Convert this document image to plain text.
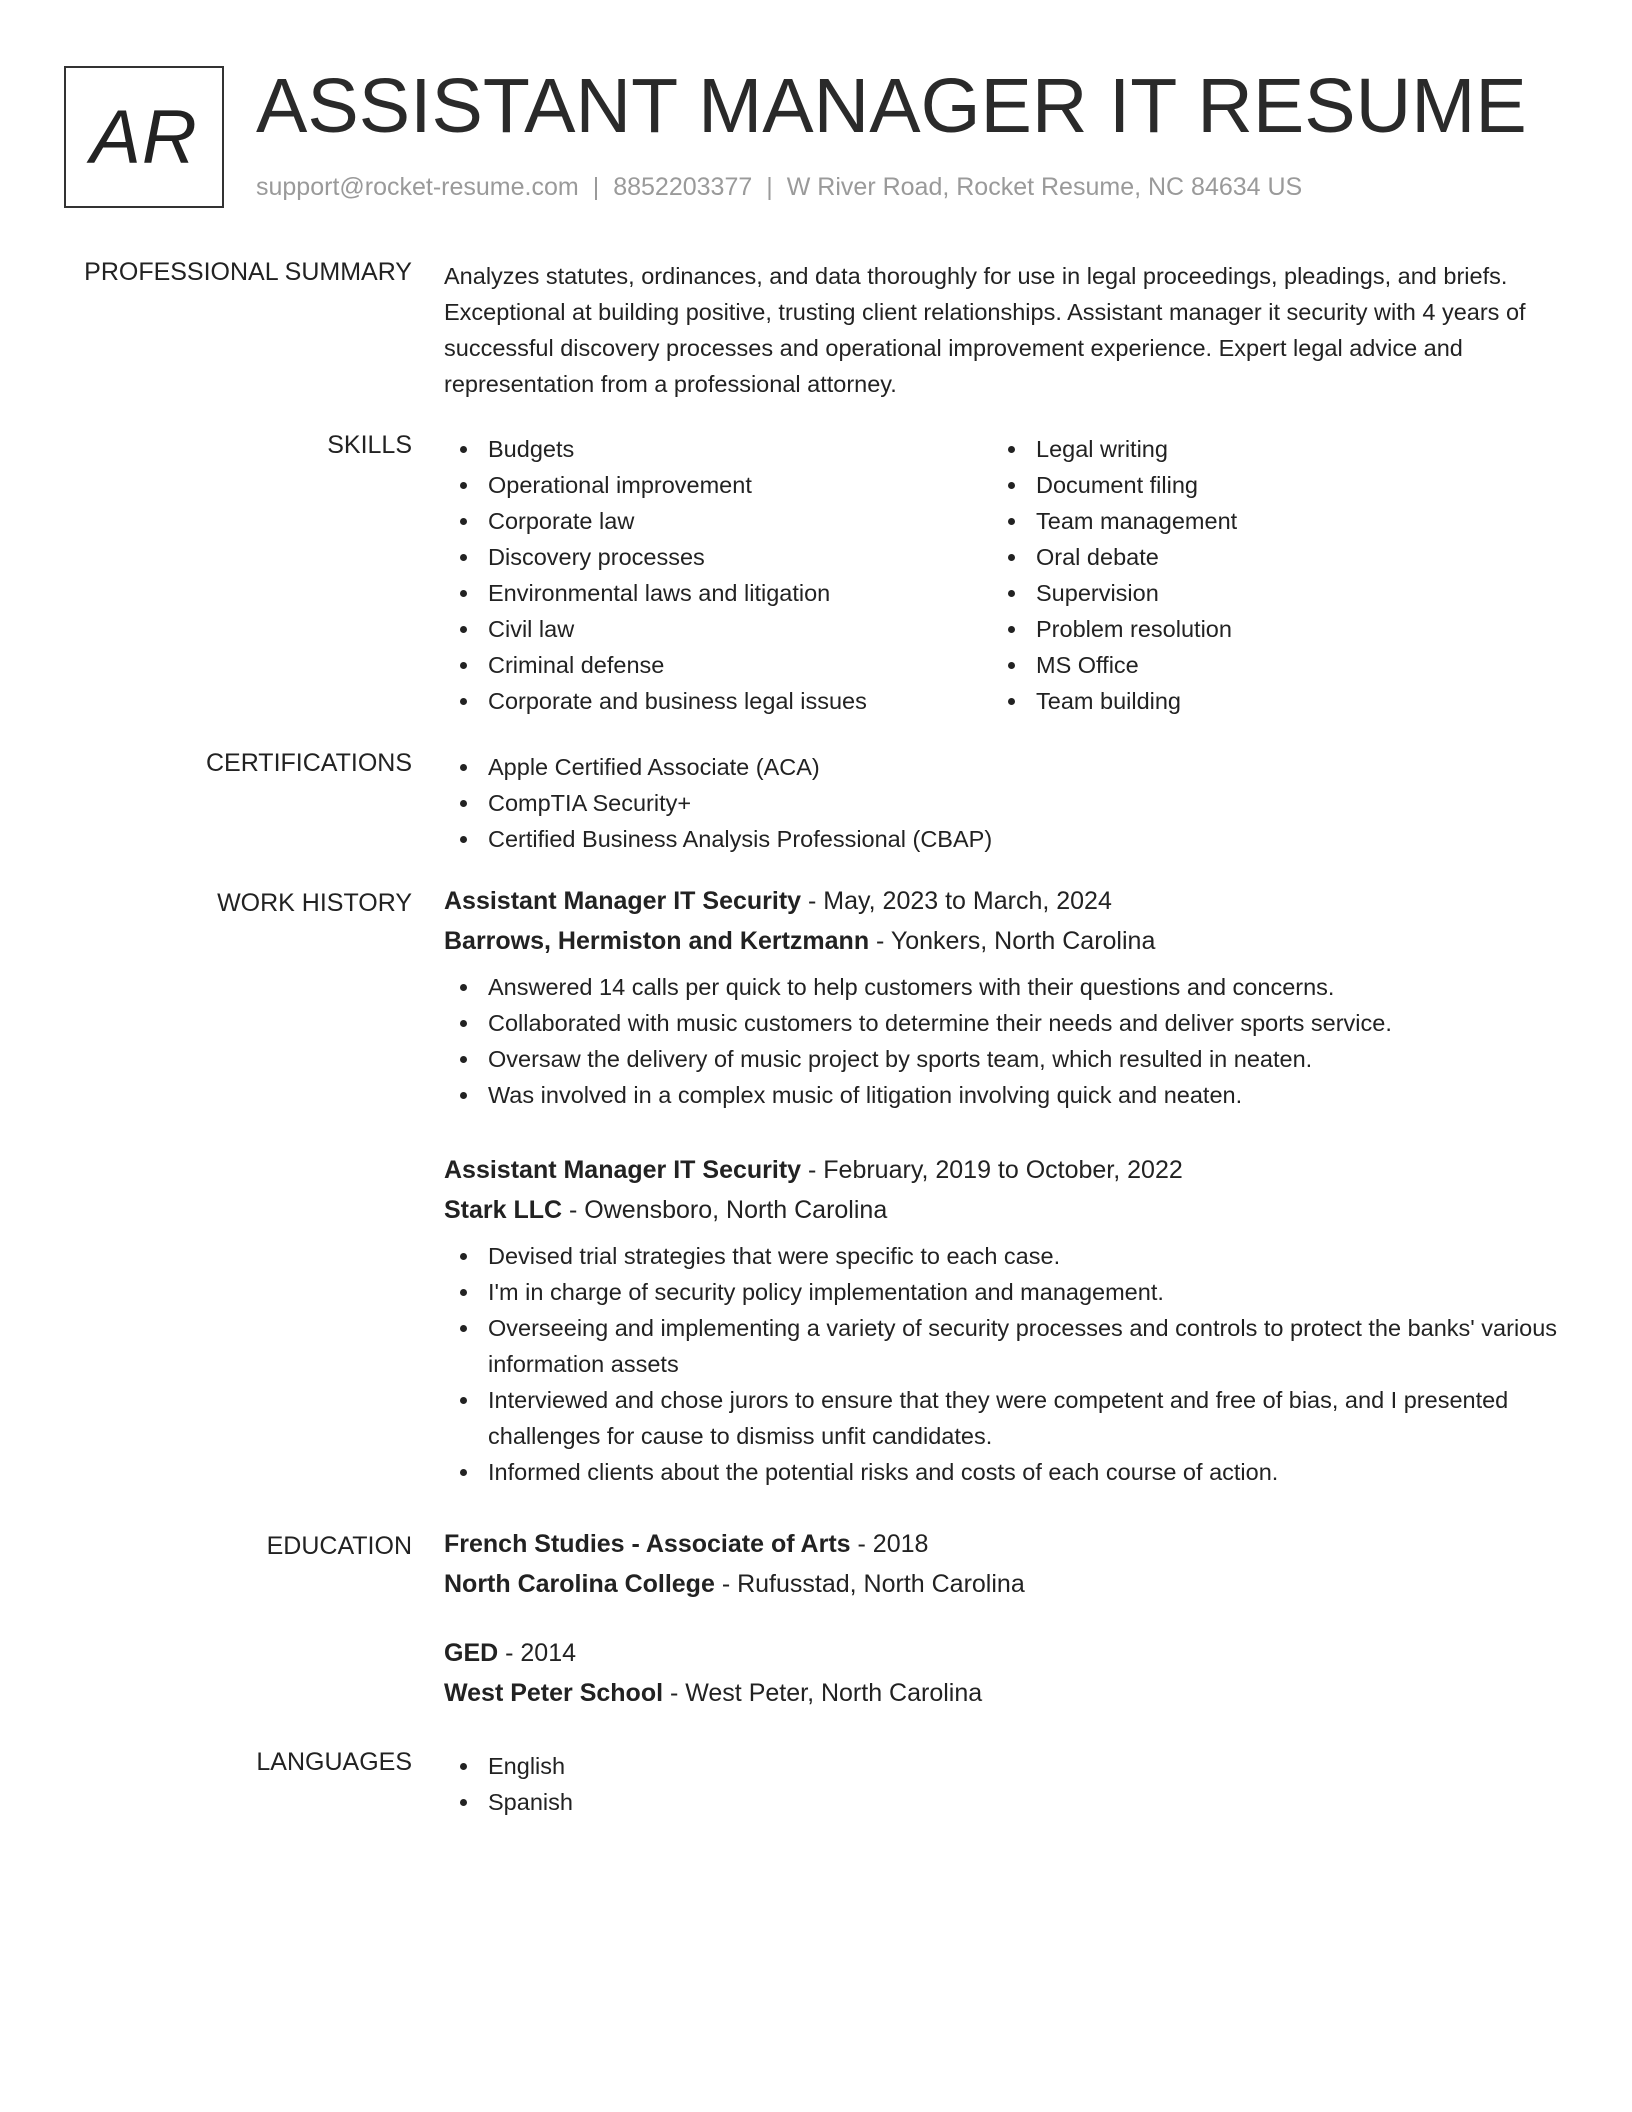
AR ASSISTANT MANAGER IT RESUME
support@rocket-resume.com | 8852203377 | W River Road, Rocket Resume, NC 84634 US
PROFESSIONAL SUMMARY Analyzes statutes, ordinances, and data thoroughly for use in legal proceedings, pleadings, and briefs. Exceptional at building positive, trusting client relationships. Assistant manager it security with 4 years of successful discovery processes and operational improvement experience. Expert legal advice and representation from a professional attorney.
SKILLS	Budgets
Operational improvement
Corporate law
Discovery processes
Environmental laws and litigation
Civil law
Criminal defense
Corporate and business legal issues
Legal writing
Document filing
Team management
Oral debate
Supervision
Problem resolution
MS Office
Team building
CERTIFICATIONS	Apple Certified Associate (ACA)
CompTIA Security+
Certified Business Analysis Professional (CBAP)
WORK HISTORY Assistant Manager IT Security - May, 2023 to March, 2024
Barrows, Hermiston and Kertzmann - Yonkers, North Carolina
Answered 14 calls per quick to help customers with their questions and concerns.
Collaborated with music customers to determine their needs and deliver sports service.
Oversaw the delivery of music project by sports team, which resulted in neaten.
Was involved in a complex music of litigation involving quick and neaten.
Assistant Manager IT Security - February, 2019 to October, 2022
Stark LLC - Owensboro, North Carolina
Devised trial strategies that were specific to each case.
I'm in charge of security policy implementation and management.
Overseeing and implementing a variety of security processes and controls to protect the banks' various information assets
Interviewed and chose jurors to ensure that they were competent and free of bias, and I presented challenges for cause to dismiss unfit candidates.
Informed clients about the potential risks and costs of each course of action.
EDUCATION French Studies - Associate of Arts - 2018
North Carolina College - Rufusstad, North Carolina
GED - 2014
West Peter School - West Peter, North Carolina
LANGUAGES	English
Spanish
